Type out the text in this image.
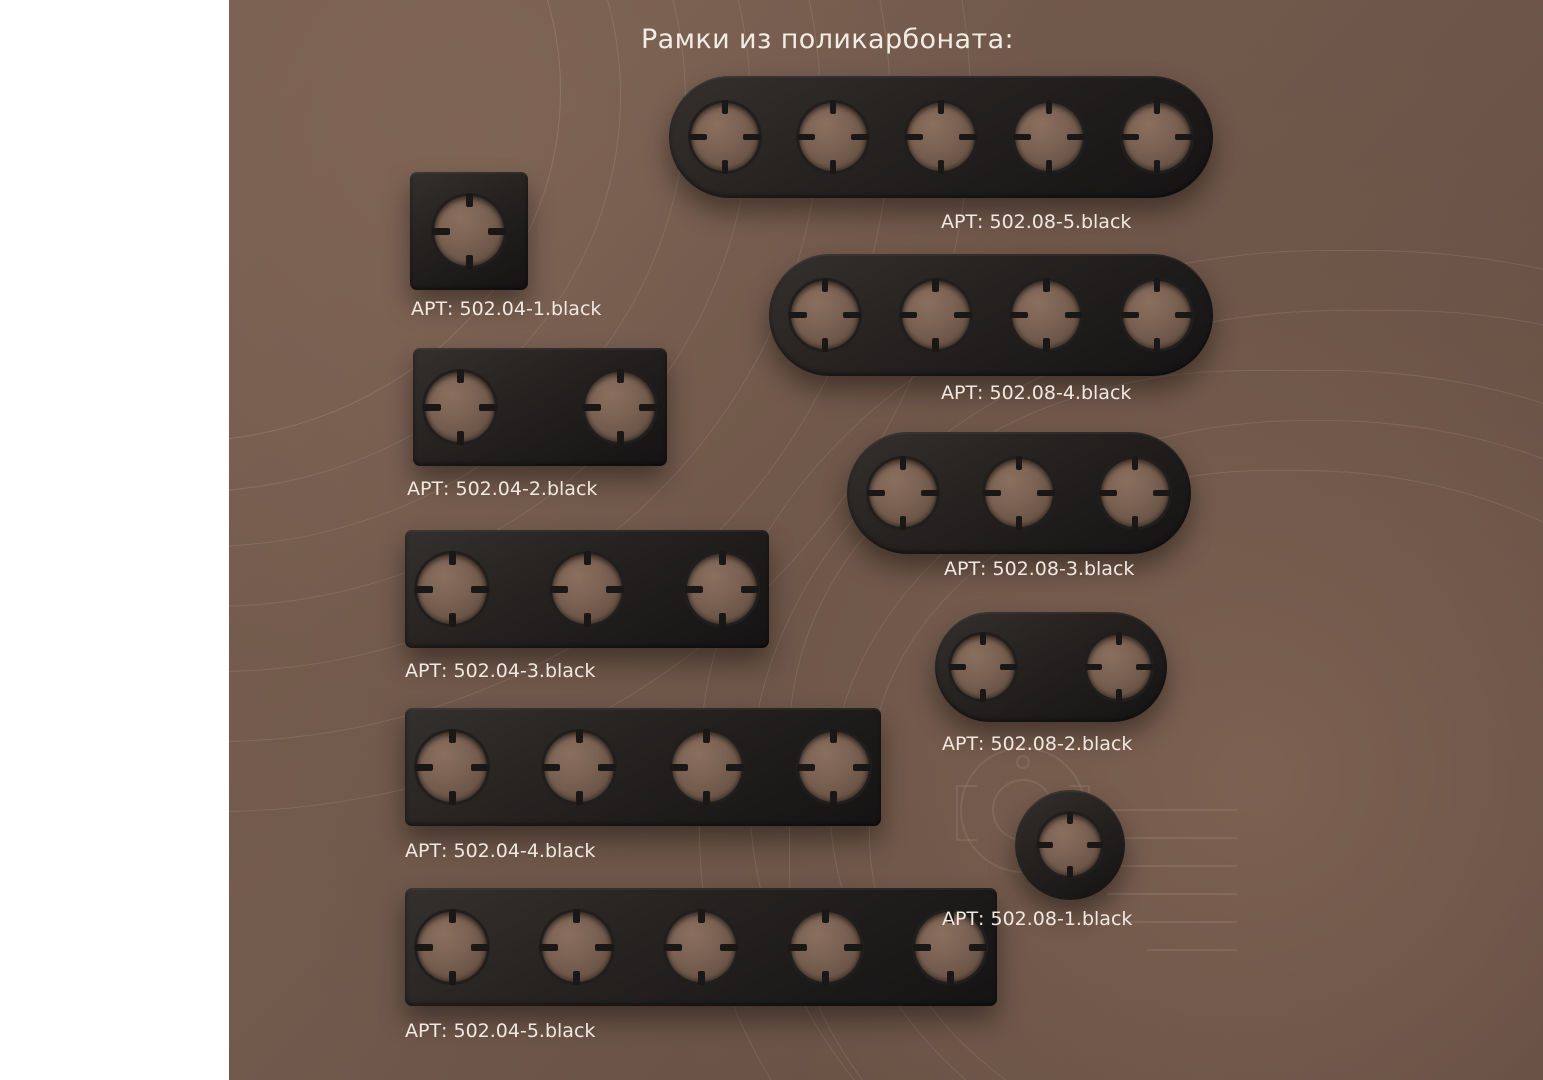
Рамки из поликарбоната:
АРТ: 502.04-1.black
АРТ: 502.04-2.black
АРТ: 502.04-3.black
АРТ: 502.04-4.black
АРТ: 502.04-5.black
АРТ: 502.08-5.black
АРТ: 502.08-4.black
АРТ: 502.08-3.black
АРТ: 502.08-2.black
АРТ: 502.08-1.black
